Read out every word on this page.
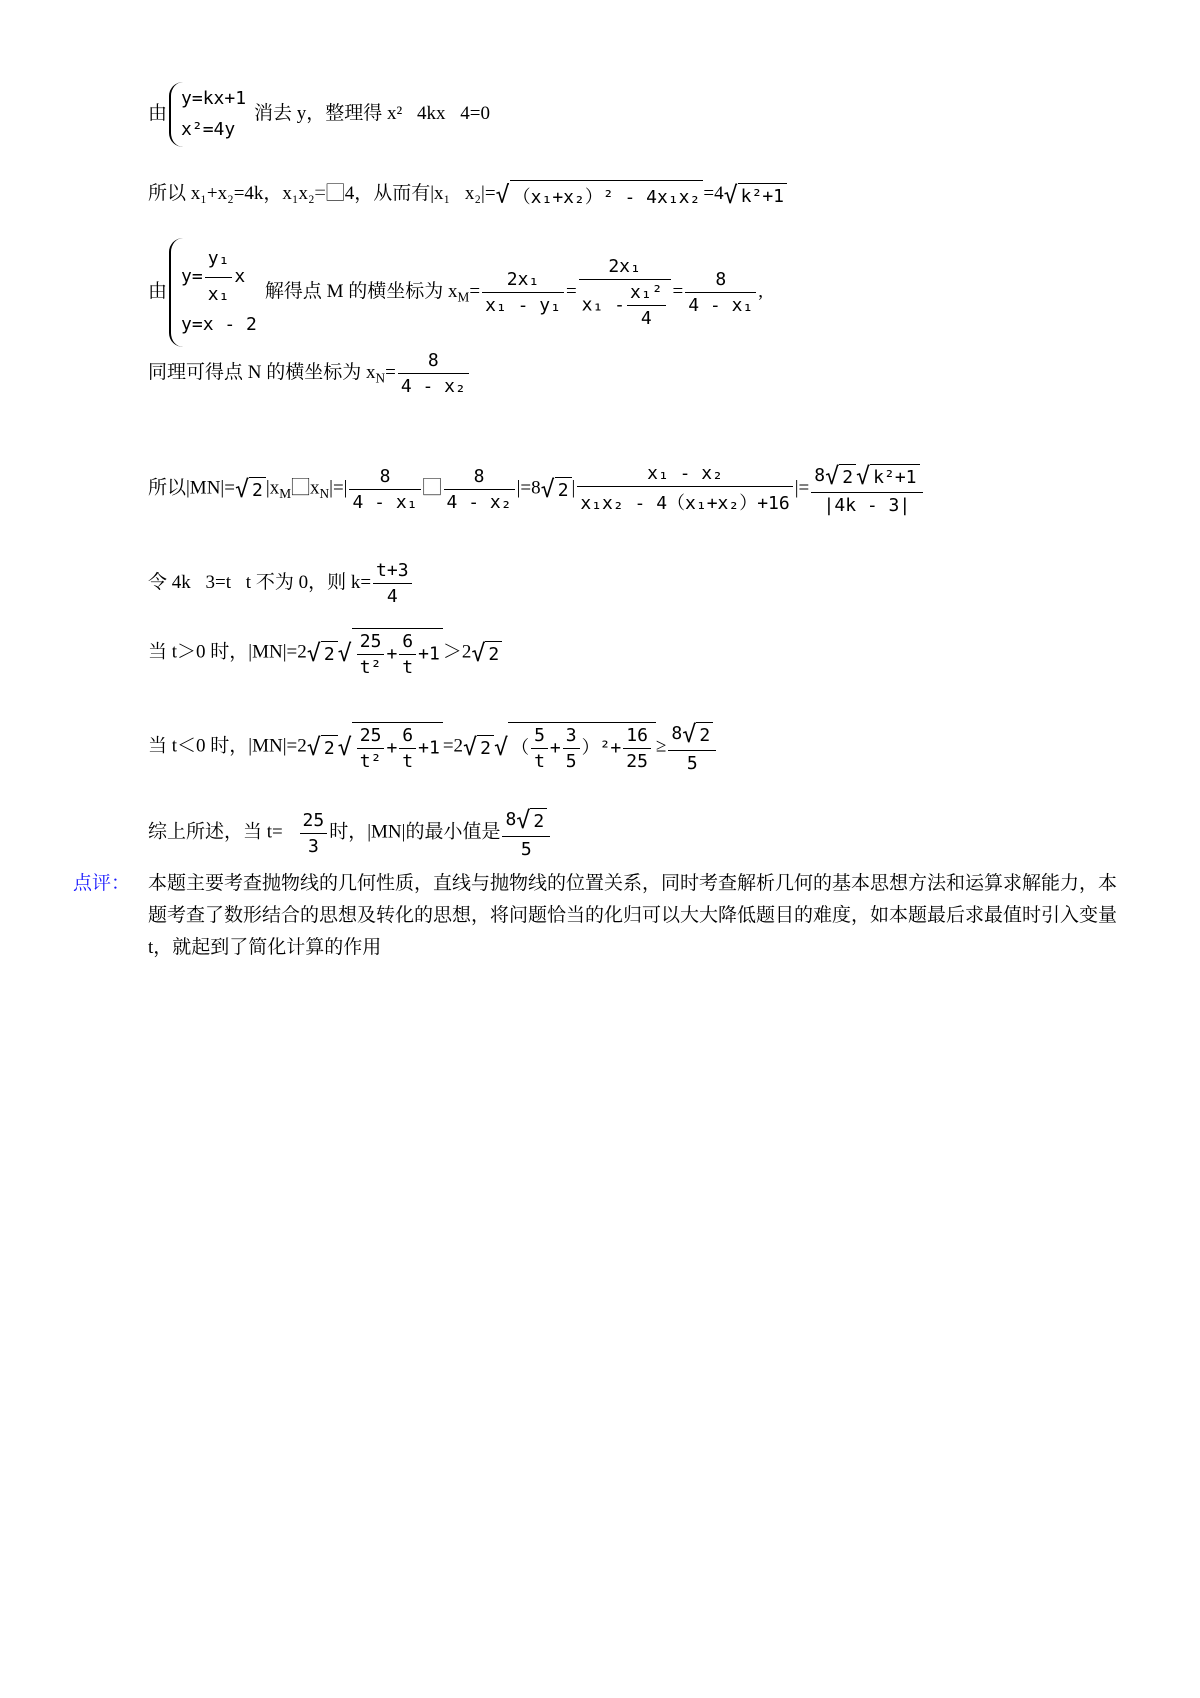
由
y=kx+1
x²=4y
消去 y，整理得 x²⃞4kx⃞4=0
所以 x₁+x₂=4k，x₁x₂=⃞4，从而有|x₁⃞x₂|=√ （x₁+x₂）² - 4x₁x₂ =4√ k²+1
由
$y= \frac{\text{y₁}}{\text{x₁}}$ x
y=x - 2
解得点 M 的横坐标为 $x_M= \frac{\text{2x₁}}{\text{x₁ - y₁}} = \frac{\text{2x₁}}{x_1 - \frac{\text{x₁²}}{4}} = \frac{8}{\text{4 - x₁}}$ ,
同理可得点 N 的横坐标为 $x_N= \frac{8}{\text{4 - x₂}}$
所以|MN|=√ 2 $|x_M⃞x_N|=| \frac{8}{\text{4 - x₁}}$ ⃞ $\frac{8}{\text{4 - x₂}} |=8√$ 2 | $\frac{\text{x₁ - x₂}}{\text{x₁x₂ - 4（x₁+x₂）+16}}$ |= $\frac{\text{8√ 2 √ k²+1}}{|4k - 3|}$
令 4k⃞3=t，t 不为 0，则 $k= \frac{t+3}{4}$
当 t＞0 时，|MN|=2√ 2 √ $\frac{25}{\text{t²}} + \frac{6}{t} +1 >2√$ 2
当 t＜0 时，|MN|=2√ 2 √ $\frac{25}{\text{t²}} + \frac{6}{t} +1 =2√$ 2 √ （ $\frac{5}{t} + \frac{3}{5} )^2+ \frac{16}{25} \ge \frac{8√ 2}{5}$
综上所述，当 t=⃞ $\frac{25}{3}$ 时，|MN|的最小值是 $\frac{8√ 2}{5}$
点评： 本题主要考查抛物线的几何性质，直线与抛物线的位置关系，同时考查解析几何的基本思想方法和运算求解能力，本题考查了数形结合的思想及转化的思想，将问题恰当的化归可以大大降低题目的难度，如本题最后求最值时引入变量 t，就起到了简化计算的作用
